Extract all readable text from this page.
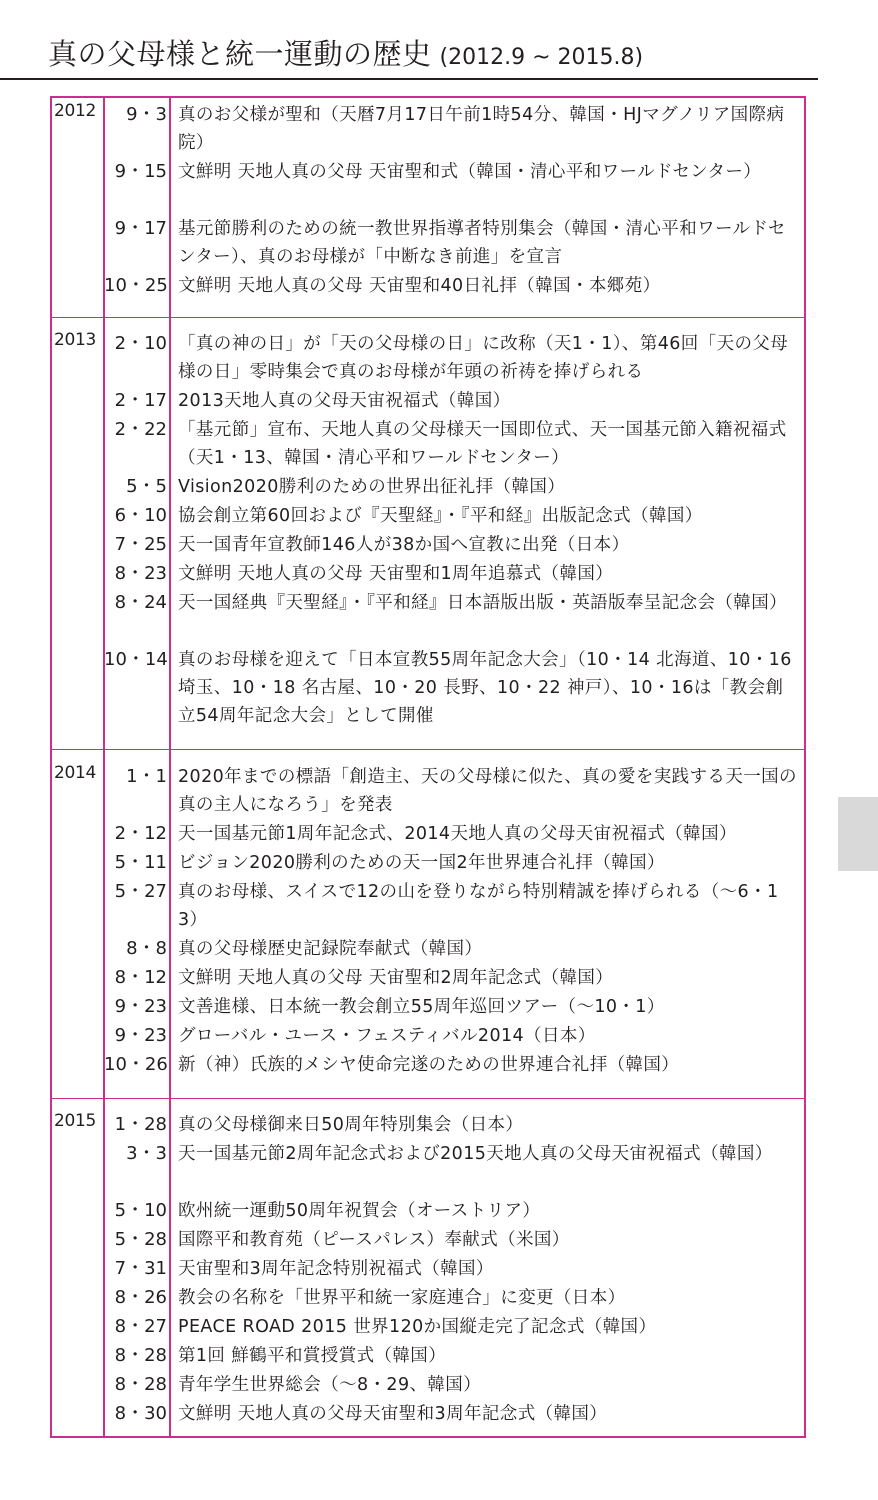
真の父母様と統一運動の歴史 (2012.9 ~ 2015.8)
2012	9・3 真のお父様が聖和（天暦7月17日午前1時54分、韓国・HJマグノリア国際病院）
9・15 文鮮明 天地人真の父母 天宙聖和式（韓国・清心平和ワールドセンター）
9・17 基元節勝利のための統一教世界指導者特別集会（韓国・清心平和ワールドセンター）、真のお母様が「中断なき前進」を宣言
10・25 文鮮明 天地人真の父母 天宙聖和40日礼拝（韓国・本郷苑）
2013	2・10 「真の神の日」が「天の父母様の日」に改称（天1・1）、第46回「天の父母様の日」零時集会で真のお母様が年頭の祈祷を捧げられる
2・17 2013天地人真の父母天宙祝福式（韓国）
2・22 「基元節」宣布、天地人真の父母様天一国即位式、天一国基元節入籍祝福式（天1・13、韓国・清心平和ワールドセンター）
5・5 Vision2020勝利のための世界出征礼拝（韓国）
6・10 協会創立第60回および『天聖経』・『平和経』出版記念式（韓国）
7・25 天一国青年宣教師146人が38か国へ宣教に出発（日本）
8・23 文鮮明 天地人真の父母 天宙聖和1周年追慕式（韓国）
8・24 天一国経典『天聖経』・『平和経』日本語版出版・英語版奉呈記念会（韓国）
10・14 真のお母様を迎えて「日本宣教55周年記念大会」（10・14 北海道、10・16 埼玉、10・18 名古屋、10・20 長野、10・22 神戸）、10・16は「教会創立54周年記念大会」として開催
2014	1・1 2020年までの標語「創造主、天の父母様に似た、真の愛を実践する天一国の真の主人になろう」を発表
2・12 天一国基元節1周年記念式、2014天地人真の父母天宙祝福式（韓国）
5・11 ビジョン2020勝利のための天一国2年世界連合礼拝（韓国）
5・27 真のお母様、スイスで12の山を登りながら特別精誠を捧げられる（〜6・13）
8・8 真の父母様歴史記録院奉献式（韓国）
8・12 文鮮明 天地人真の父母 天宙聖和2周年記念式（韓国）
9・23 文善進様、日本統一教会創立55周年巡回ツアー（〜10・1）
9・23 グローバル・ユース・フェスティバル2014（日本）
10・26 新（神）氏族的メシヤ使命完遂のための世界連合礼拝（韓国）
2015	1・28 真の父母様御来日50周年特別集会（日本）
3・3 天一国基元節2周年記念式および2015天地人真の父母天宙祝福式（韓国）
5・10 欧州統一運動50周年祝賀会（オーストリア）
5・28 国際平和教育苑（ピースパレス）奉献式（米国）
7・31 天宙聖和3周年記念特別祝福式（韓国）
8・26 教会の名称を「世界平和統一家庭連合」に変更（日本）
8・27 PEACE ROAD 2015 世界120か国縦走完了記念式（韓国）
8・28 第1回 鮮鶴平和賞授賞式（韓国）
8・28 青年学生世界総会（〜8・29、韓国）
8・30 文鮮明 天地人真の父母天宙聖和3周年記念式（韓国）
